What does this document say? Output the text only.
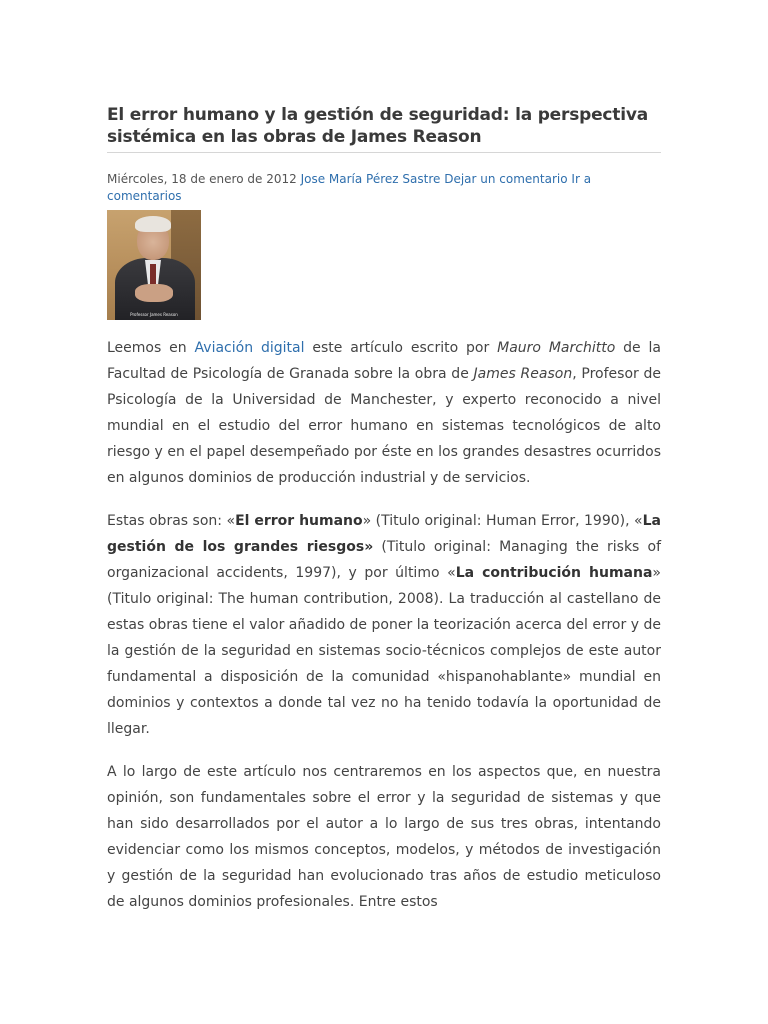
El error humano y la gestión de seguridad: la perspectiva sistémica en las obras de James Reason
Miércoles, 18 de enero de 2012 Jose María Pérez Sastre Dejar un comentario Ir a comentarios
Professor James Reason

Leemos en Aviación digital este artículo escrito por Mauro Marchitto de la Facultad de Psicología de Granada sobre la obra de James Reason, Profesor de Psicología de la Universidad de Manchester, y experto reconocido a nivel mundial en el estudio del error humano en sistemas tecnológicos de alto riesgo y en el papel desempeñado por éste en los grandes desastres ocurridos en algunos dominios de producción industrial y de servicios.

Estas obras son: «El error humano» (Titulo original: Human Error, 1990), «La gestión de los grandes riesgos» (Titulo original: Managing the risks of organizacional accidents, 1997), y por último «La contribución humana» (Titulo original: The human contribution, 2008). La traducción al castellano de estas obras tiene el valor añadido de poner la teorización acerca del error y de la gestión de la seguridad en sistemas socio-técnicos complejos de este autor fundamental a disposición de la comunidad «hispanohablante» mundial en dominios y contextos a donde tal vez no ha tenido todavía la oportunidad de llegar.

A lo largo de este artículo nos centraremos en los aspectos que, en nuestra opinión, son fundamentales sobre el error y la seguridad de sistemas y que han sido desarrollados por el autor a lo largo de sus tres obras, intentando evidenciar como los mismos conceptos, modelos, y métodos de investigación y gestión de la seguridad han evolucionado tras años de estudio meticuloso de algunos dominios profesionales. Entre estos
